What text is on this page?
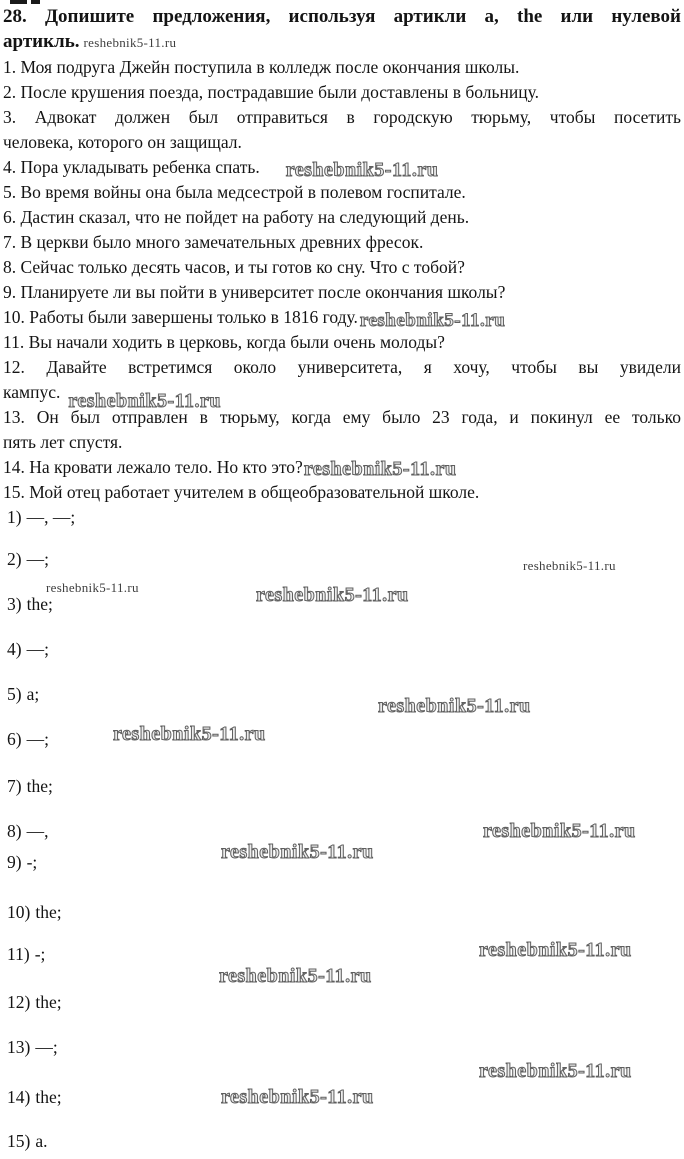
28. Допишите предложения, используя артикли a, the или нулевой
артикль. reshebnik5-11.ru

1. Моя подруга Джейн поступила в колледж после окончания школы.

2. После крушения поезда, пострадавшие были доставлены в больницу.

3. Адвокат должен был отправиться в городскую тюрьму, чтобы посетить
человека, которого он защищал.

4. Пора укладывать ребенка спать. reshebnik5-11.ru

5. Во время войны она была медсестрой в полевом госпитале.

6. Дастин сказал, что не пойдет на работу на следующий день.

7. В церкви было много замечательных древних фресок.

8. Сейчас только десять часов, и ты готов ко сну. Что с тобой?

9. Планируете ли вы пойти в университет после окончания школы?

10. Работы были завершены только в 1816 году. reshebnik5-11.ru

11. Вы начали ходить в церковь, когда были очень молоды?

12. Давайте встретимся около университета, я хочу, чтобы вы увидели
кампус. reshebnik5-11.ru

13. Он был отправлен в тюрьму, когда ему было 23 года, и покинул ее только
пять лет спустя.

14. На кровати лежало тело. Но кто это?reshebnik5-11.ru

15. Мой отец работает учителем в общеобразовательной школе.

1) —, —;
2) —;	reshebnik5-11.ru
3) the;
reshebnik5-11.ru	reshebnik5-11.ru
4) —;
5) a;
reshebnik5-11.ru
6) —;	reshebnik5-11.ru
7) the;
8) —,	reshebnik5-11.ru
9) -;	reshebnik5-11.ru
10) the;
11) -;	reshebnik5-11.ru
12) the;
reshebnik5-11.ru
13) —;
14) the;
reshebnik5-11.ru
reshebnik5-11.ru
15) a.
